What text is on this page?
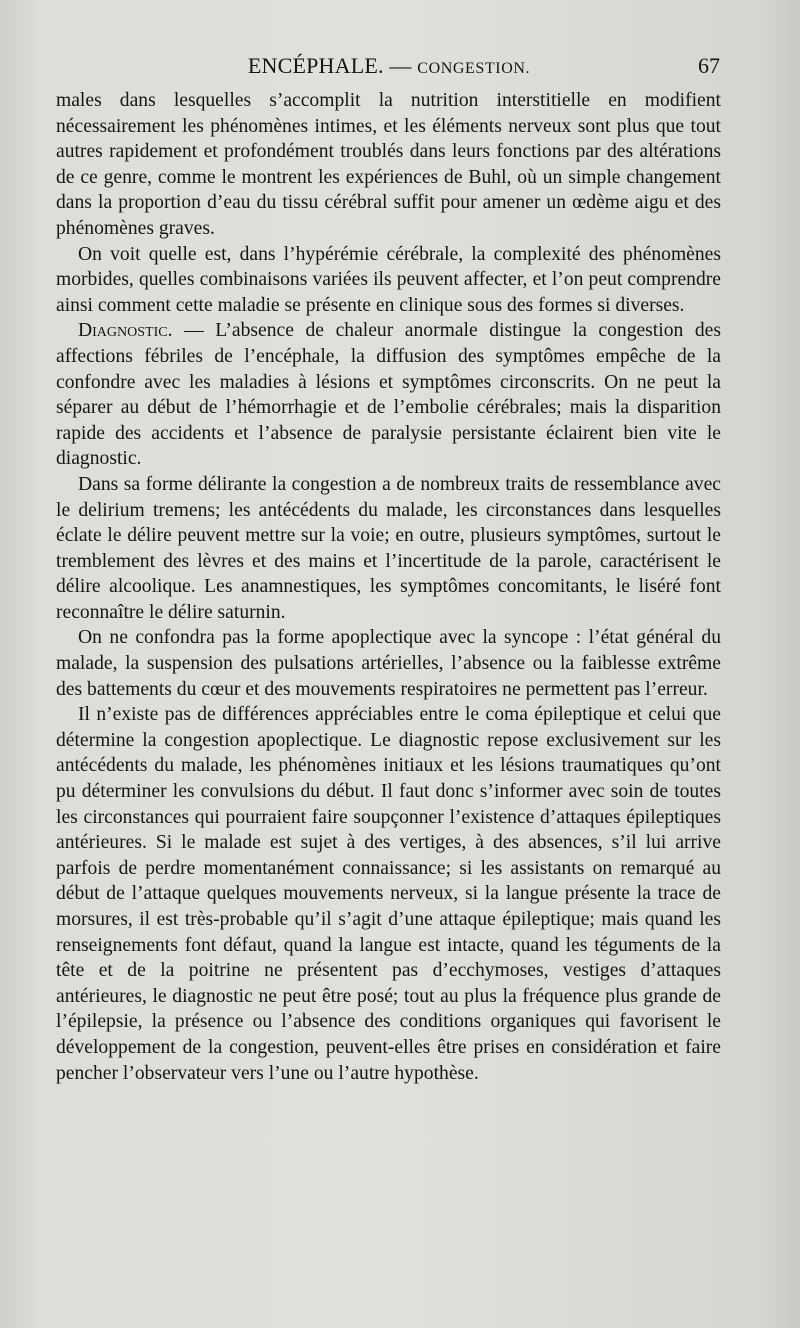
ENCÉPHALE. — CONGESTION.	67

males dans lesquelles s’accomplit la nutrition interstitielle en modifient nécessairement les phénomènes intimes, et les éléments nerveux sont plus que tout autres rapidement et profondément troublés dans leurs fonctions par des altérations de ce genre, comme le montrent les expériences de Buhl, où un simple changement dans la proportion d’eau du tissu cérébral suffit pour amener un œdème aigu et des phénomènes graves.

On voit quelle est, dans l’hypérémie cérébrale, la complexité des phénomènes morbides, quelles combinaisons variées ils peuvent affecter, et l’on peut comprendre ainsi comment cette maladie se présente en clinique sous des formes si diverses.

Diagnostic. — L’absence de chaleur anormale distingue la congestion des affections fébriles de l’encéphale, la diffusion des symptômes empêche de la confondre avec les maladies à lésions et symptômes circonscrits. On ne peut la séparer au début de l’hémorrhagie et de l’embolie cérébrales; mais la disparition rapide des accidents et l’absence de paralysie persistante éclairent bien vite le diagnostic.

Dans sa forme délirante la congestion a de nombreux traits de ressemblance avec le delirium tremens; les antécédents du malade, les circonstances dans lesquelles éclate le délire peuvent mettre sur la voie; en outre, plusieurs symptômes, surtout le tremblement des lèvres et des mains et l’incertitude de la parole, caractérisent le délire alcoolique. Les anamnestiques, les symptômes concomitants, le liséré font reconnaître le délire saturnin.

On ne confondra pas la forme apoplectique avec la syncope : l’état général du malade, la suspension des pulsations artérielles, l’absence ou la faiblesse extrême des battements du cœur et des mouvements respiratoires ne permettent pas l’erreur.

Il n’existe pas de différences appréciables entre le coma épileptique et celui que détermine la congestion apoplectique. Le diagnostic repose exclusivement sur les antécédents du malade, les phénomènes initiaux et les lésions traumatiques qu’ont pu déterminer les convulsions du début. Il faut donc s’informer avec soin de toutes les circonstances qui pourraient faire soupçonner l’existence d’attaques épileptiques antérieures. Si le malade est sujet à des vertiges, à des absences, s’il lui arrive parfois de perdre momentanément connaissance; si les assistants on remarqué au début de l’attaque quelques mouvements nerveux, si la langue présente la trace de morsures, il est très-probable qu’il s’agit d’une attaque épileptique; mais quand les renseignements font défaut, quand la langue est intacte, quand les téguments de la tête et de la poitrine ne présentent pas d’ecchymoses, vestiges d’attaques antérieures, le diagnostic ne peut être posé; tout au plus la fréquence plus grande de l’épilepsie, la présence ou l’absence des conditions organiques qui favorisent le développement de la congestion, peuvent-elles être prises en considération et faire pencher l’observateur vers l’une ou l’autre hypothèse.
